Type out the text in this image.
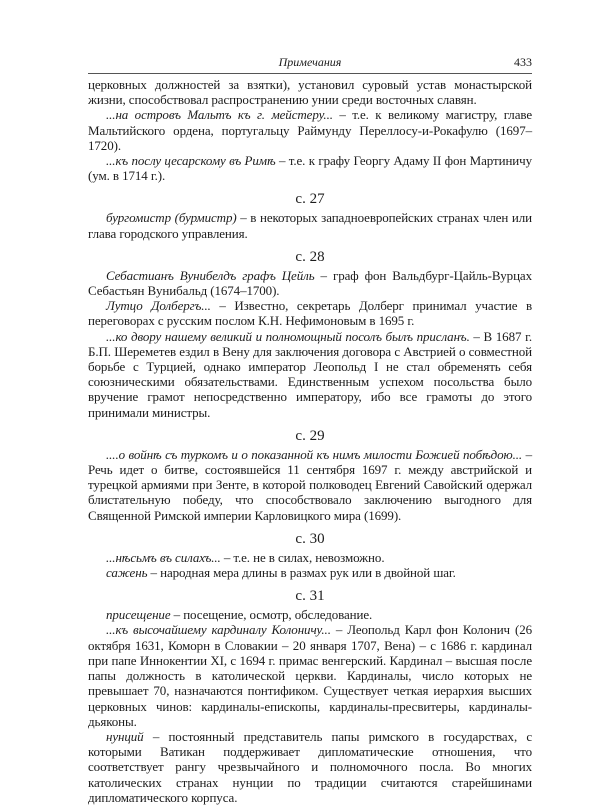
Примечания	433

церковных должностей за взятки), установил суровый устав монастырской жизни, способствовал распространению унии среди восточных славян.

...на островъ Мальтъ къ г. мейстеру... – т.е. к великому магистру, главе Мальтийского ордена, португальцу Раймунду Переллосу-и-Рокафулю (1697–1720).

...къ послу цесарскому въ Римѣ – т.е. к графу Георгу Адаму II фон Мартиничу (ум. в 1714 г.).

с. 27

бургомистр (бурмистр) – в некоторых западноевропейских странах член или глава городского управления.

с. 28

Себастианъ Вунибелдъ графъ Цейль – граф фон Вальдбург-Цайль-Вурцах Себастьян Вунибальд (1674–1700).

Лутцо Долбергъ... – Известно, секретарь Долберг принимал участие в переговорах с русским послом К.Н. Нефимоновым в 1695 г.

...ко двору нашему великий и полномощный посолъ былъ присланъ. – В 1687 г. Б.П. Шереметев ездил в Вену для заключения договора с Австрией о совместной борьбе с Турцией, однако император Леопольд I не стал обременять себя союзническими обязательствами. Единственным успехом посольства было вручение грамот непосредственно императору, ибо все грамоты до этого принимали министры.

с. 29

....о войнѣ съ туркомъ и о показанной къ нимъ милости Божией побѣдою... – Речь идет о битве, состоявшейся 11 сентября 1697 г. между австрийской и турецкой армиями при Зенте, в которой полководец Евгений Савойский одержал блистательную победу, что способствовало заключению выгодного для Священной Римской империи Карловицкого мира (1699).

с. 30

...нѣсьмъ въ силахъ... – т.е. не в силах, невозможно.

сажень – народная мера длины в размах рук или в двойной шаг.

с. 31

присещение – посещение, осмотр, обследование.

...къ высочайшему кардиналу Колоничу... – Леопольд Карл фон Колонич (26 октября 1631, Коморн в Словакии – 20 января 1707, Вена) – с 1686 г. кардинал при папе Иннокентии XI, с 1694 г. примас венгерский. Кардинал – высшая после папы должность в католической церкви. Кардиналы, число которых не превышает 70, назначаются понтификом. Существует четкая иерархия высших церковных чинов: кардиналы-епископы, кардиналы-пресвитеры, кардиналы-дьяконы.

нунций – постоянный представитель папы римского в государствах, с которыми Ватикан поддерживает дипломатические отношения, что соответствует рангу чрезвычайного и полномочного посла. Во многих католических странах нунции по традиции считаются старейшинами дипломатического корпуса.
